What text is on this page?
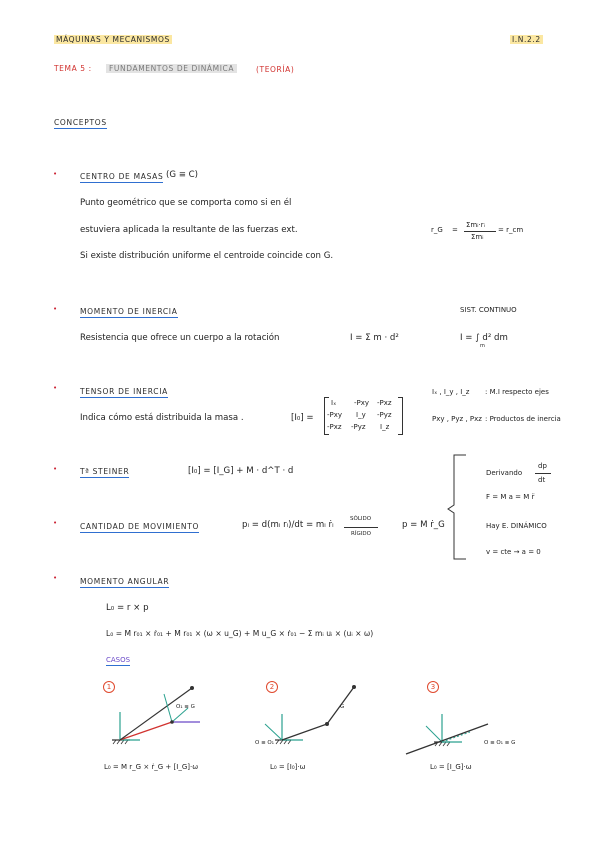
MÁQUINAS Y MECANISMOS	I.N.2.2
TEMA 5 :	FUNDAMENTOS DE DINÁMICA	(TEORÍA)
CONCEPTOS
•	CENTRO DE MASAS (G ≡ C)
Punto geométrico que se comporta como si en él
estuviera aplicada la resultante de las fuerzas ext.
Si existe distribución uniforme el centroide coincide con G.
r_G =
Σmᵢ·rᵢ
Σmᵢ
= r_cm
•	MOMENTO DE INERCIA
Resistencia que ofrece un cuerpo a la rotación	I = Σ m · d²
SIST. CONTINUO
I = ∫ d² dm
m
•	TENSOR DE INERCIA
Indica cómo está distribuida la masa .	[I₀] =
Iₓ	-Pxy -Pxz
-Pxy I_y -Pyz
-Pxz -Pyz I_z
Iₓ , I_y , I_z : M.I respecto ejes
Pxy , Pyz , Pxz : Productos de inercia
•	Tª STEINER	[I₀] = [I_G] + M · d^T · d
•	CANTIDAD DE MOVIMIENTO	pᵢ = d(mᵢ rᵢ)/dt = mᵢ ṙᵢ
SÓLIDO
RÍGIDO
p = M ṙ_G
Derivando
dp
dt
F = M a = M r̈
Hay E. DINÁMICO
v = cte → a = 0
•	MOMENTO ANGULAR
L₀ = r × p
L₀ = M r₀₁ × ṙ₀₁ + M r₀₁ × (ω × u_G) + M u_G × ṙ₀₁ − Σ mᵢ uᵢ × (uᵢ × ω)
CASOS
1
O₁ ≡ G
L₀ = M r_G × ṙ_G + [I_G]·ω
2
O ≡ O₁
G
L₀ = [I₀]·ω
3
O ≡ O₁ ≡ G
L₀ = [I_G]·ω
